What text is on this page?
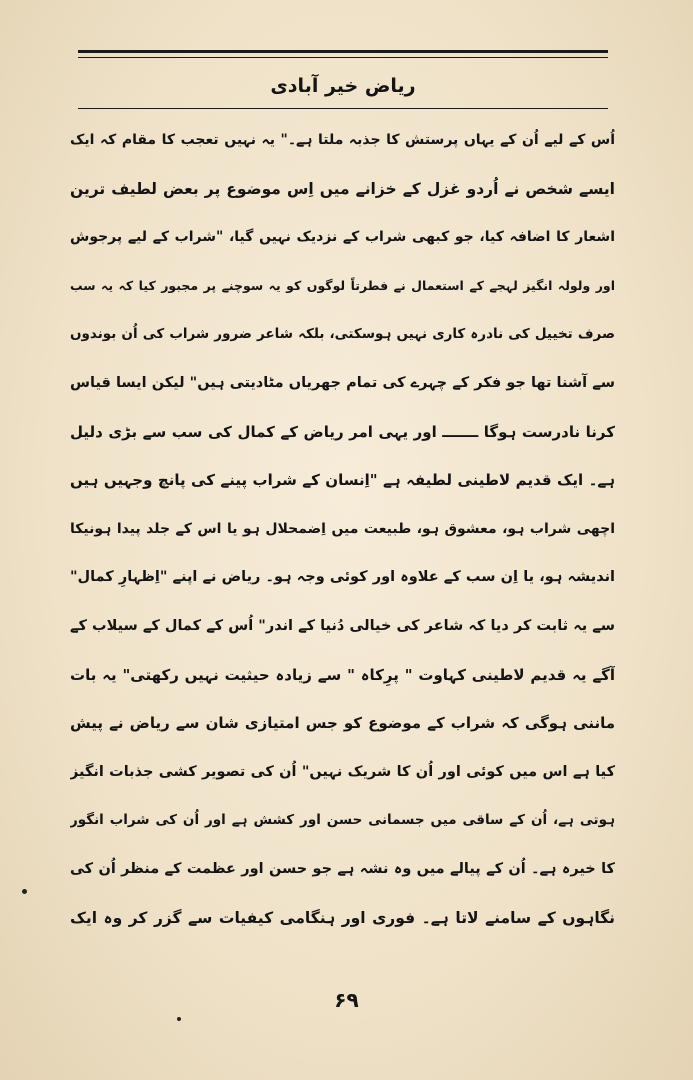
ریاض خیر آبادی
اُس کے لیے اُن کے یہاں پرستش کا جذبہ ملتا ہے۔" یہ نہیں تعجب کا مقام کہ ایک
ایسے شخص نے اُردو غزل کے خزانے میں اِس موضوع پر بعض لطیف ترین
اشعار کا اضافہ کیا، جو کبھی شراب کے نزدیک نہیں گیا، "شراب کے لیے پرجوش
اور ولولہ انگیز لہجے کے استعمال نے فطرتاً لوگوں کو یہ سوچنے پر مجبور کیا کہ یہ سب
صرف تخییل کی نادرہ کاری نہیں ہوسکتی، بلکہ شاعر ضرور شراب کی اُن بوندوں
سے آشنا تھا جو فکر کے چہرے کی تمام جھریاں مٹادیتی ہیں" لیکن ایسا قیاس
کرنا نادرست ہوگا ـــــــ اور یہی امر ریاض کے کمال کی سب سے بڑی دلیل
ہے۔ ایک قدیم لاطینی لطیفہ ہے "اِنسان کے شراب پینے کی پانچ وجہیں ہیں
اچھی شراب ہو، معشوق ہو، طبیعت میں اِضمحلال ہو یا اس کے جلد پیدا ہونیکا
اندیشہ ہو، یا اِن سب کے علاوہ اور کوئی وجہ ہو۔ ریاض نے اپنے "اِظہارِ کمال"
سے یہ ثابت کر دیا کہ شاعر کی خیالی دُنیا کے اندر" اُس کے کمال کے سیلاب کے
آگے یہ قدیم لاطینی کہاوت " پرِکاہ " سے زیادہ حیثیت نہیں رکھتی" یہ بات
ماننی ہوگی کہ شراب کے موضوع کو جس امتیازی شان سے ریاض نے پیش
کیا ہے اس میں کوئی اور اُن کا شریک نہیں" اُن کی تصویر کشی جذبات انگیز
ہوتی ہے، اُن کے ساقی میں جسمانی حسن اور کشش ہے اور اُن کی شراب انگور
کا خیرہ ہے۔ اُن کے پیالے میں وہ نشہ ہے جو حسن اور عظمت کے منظر اُن کی
نگاہوں کے سامنے لاتا ہے۔ فوری اور ہنگامی کیفیات سے گزر کر وہ ایک
۶۹
